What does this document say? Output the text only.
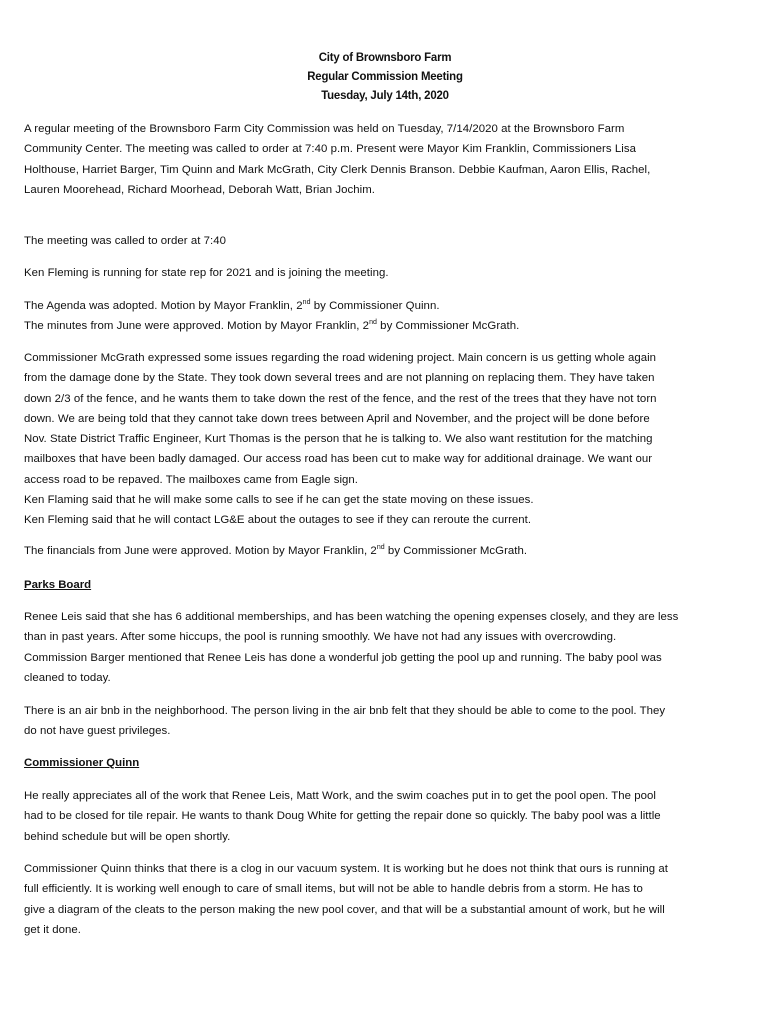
City of Brownsboro Farm
Regular Commission Meeting
Tuesday, July 14th, 2020
A regular meeting of the Brownsboro Farm City Commission was held on Tuesday, 7/14/2020 at the Brownsboro Farm
Community Center. The meeting was called to order at 7:40 p.m. Present were Mayor Kim Franklin, Commissioners Lisa
Holthouse, Harriet Barger, Tim Quinn and Mark McGrath, City Clerk Dennis Branson. Debbie Kaufman, Aaron Ellis, Rachel,
Lauren Moorehead, Richard Moorhead, Deborah Watt, Brian Jochim.
The meeting was called to order at 7:40
Ken Fleming is running for state rep for 2021 and is joining the meeting.
The Agenda was adopted. Motion by Mayor Franklin, 2nd by Commissioner Quinn.
The minutes from June were approved. Motion by Mayor Franklin, 2nd by Commissioner McGrath.
Commissioner McGrath expressed some issues regarding the road widening project. Main concern is us getting whole again
from the damage done by the State. They took down several trees and are not planning on replacing them. They have taken
down 2/3 of the fence, and he wants them to take down the rest of the fence, and the rest of the trees that they have not torn
down. We are being told that they cannot take down trees between April and November, and the project will be done before
Nov. State District Traffic Engineer, Kurt Thomas is the person that he is talking to. We also want restitution for the matching
mailboxes that have been badly damaged. Our access road has been cut to make way for additional drainage. We want our
access road to be repaved. The mailboxes came from Eagle sign.
Ken Flaming said that he will make some calls to see if he can get the state moving on these issues.
Ken Fleming said that he will contact LG&E about the outages to see if they can reroute the current.
The financials from June were approved. Motion by Mayor Franklin, 2nd by Commissioner McGrath.
Parks Board
Renee Leis said that she has 6 additional memberships, and has been watching the opening expenses closely, and they are less
than in past years. After some hiccups, the pool is running smoothly. We have not had any issues with overcrowding.
Commission Barger mentioned that Renee Leis has done a wonderful job getting the pool up and running. The baby pool was
cleaned to today.
There is an air bnb in the neighborhood. The person living in the air bnb felt that they should be able to come to the pool. They
do not have guest privileges.
Commissioner Quinn
He really appreciates all of the work that Renee Leis, Matt Work, and the swim coaches put in to get the pool open. The pool
had to be closed for tile repair. He wants to thank Doug White for getting the repair done so quickly. The baby pool was a little
behind schedule but will be open shortly.
Commissioner Quinn thinks that there is a clog in our vacuum system. It is working but he does not think that ours is running at
full efficiently. It is working well enough to care of small items, but will not be able to handle debris from a storm. He has to
give a diagram of the cleats to the person making the new pool cover, and that will be a substantial amount of work, but he will
get it done.
